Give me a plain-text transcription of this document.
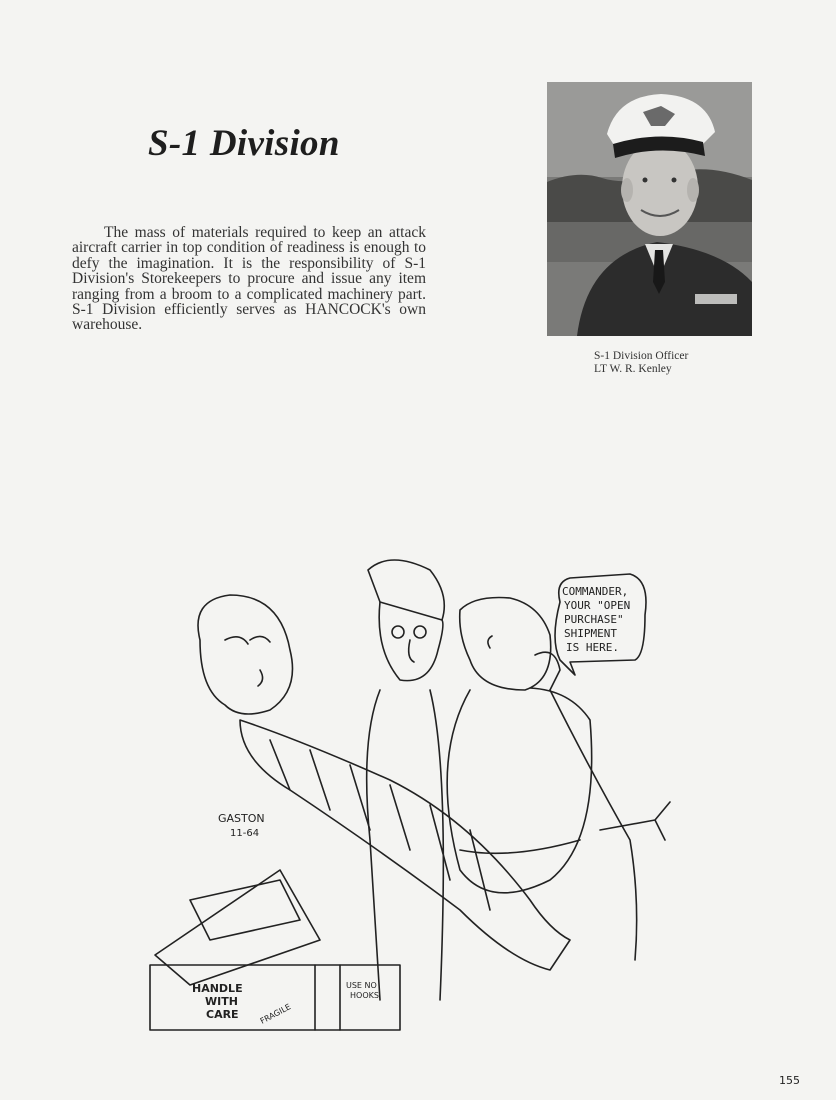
S-1 Division
The mass of materials required to keep an attack aircraft carrier in top condition of readiness is enough to defy the imagination. It is the responsibility of S-1 Division's Storekeepers to procure and issue any item ranging from a broom to a complicated machinery part. S-1 Division efficiently serves as HANCOCK's own warehouse.
S-1 Division Officer
LT W. R. Kenley
COMMANDER,
YOUR "OPEN
PURCHASE"
SHIPMENT
IS HERE.
GASTON
11-64
HANDLE
WITH
CARE	FRAGILE
USE NO
HOOKS
155
